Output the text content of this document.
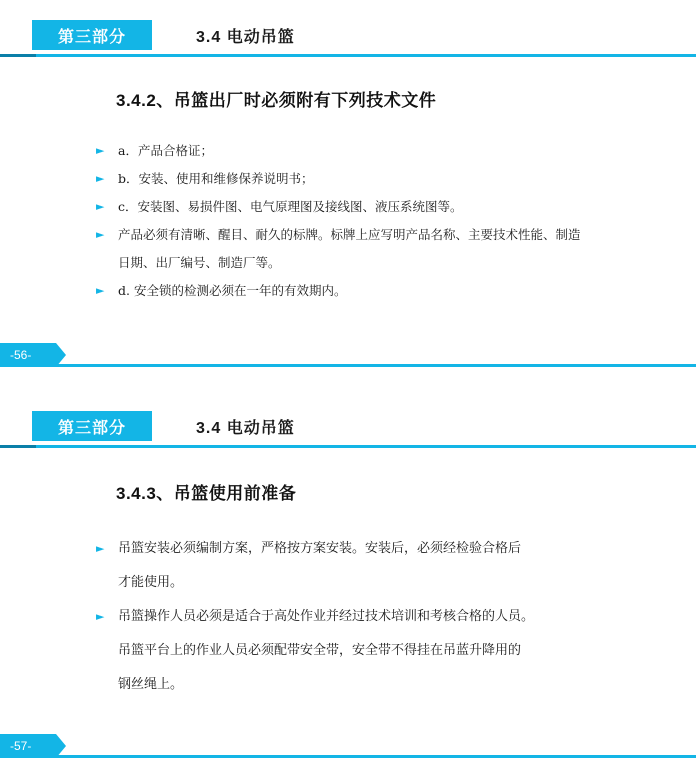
第三部分	3.4 电动吊篮
3.4.2、吊篮出厂时必须附有下列技术文件
► a．产品合格证；
► b．安装、使用和维修保养说明书；
► c．安装图、易损件图、电气原理图及接线图、液压系统图等。
► 产品必须有清晰、醒目、耐久的标牌。标牌上应写明产品名称、主要技术性能、制造
日期、出厂编号、制造厂等。
► d. 安全锁的检测必须在一年的有效期内。
-56-
第三部分	3.4 电动吊篮
3.4.3、吊篮使用前准备
► 吊篮安装必须编制方案，严格按方案安装。安装后，必须经检验合格后
才能使用。
► 吊篮操作人员必须是适合于高处作业并经过技术培训和考核合格的人员。
吊篮平台上的作业人员必须配带安全带，安全带不得挂在吊蓝升降用的
钢丝绳上。
-57-
